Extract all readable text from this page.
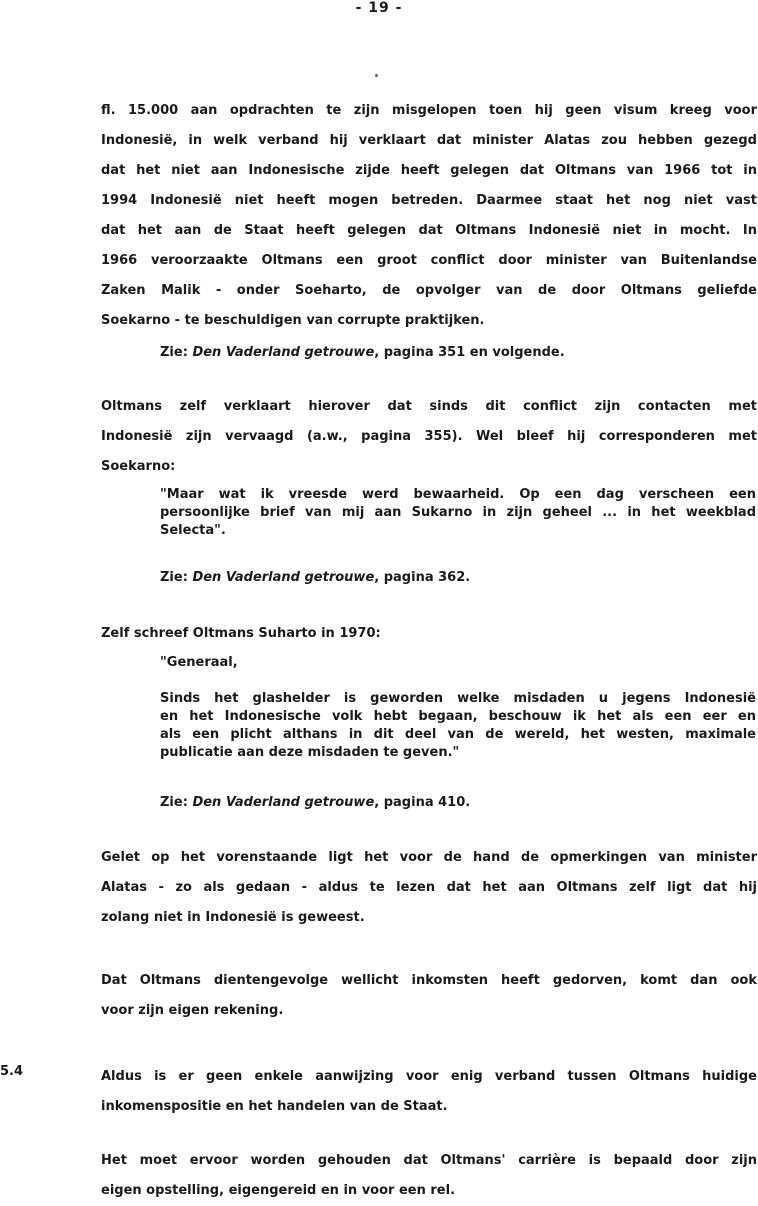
- 19 -
fl. 15.000 aan opdrachten te zijn misgelopen toen hij geen visum kreeg voor
Indonesië, in welk verband hij verklaart dat minister Alatas zou hebben gezegd
dat het niet aan Indonesische zijde heeft gelegen dat Oltmans van 1966 tot in
1994 Indonesië niet heeft mogen betreden. Daarmee staat het nog niet vast
dat het aan de Staat heeft gelegen dat Oltmans Indonesië niet in mocht. In
1966 veroorzaakte Oltmans een groot conflict door minister van Buitenlandse
Zaken Malik - onder Soeharto, de opvolger van de door Oltmans geliefde
Soekarno - te beschuldigen van corrupte praktijken.
Zie: Den Vaderland getrouwe, pagina 351 en volgende.
Oltmans zelf verklaart hierover dat sinds dit conflict zijn contacten met
Indonesië zijn vervaagd (a.w., pagina 355). Wel bleef hij corresponderen met
Soekarno:
"Maar wat ik vreesde werd bewaarheid. Op een dag verscheen een
persoonlijke brief van mij aan Sukarno in zijn geheel ... in het weekblad
Selecta".
Zie: Den Vaderland getrouwe, pagina 362.
Zelf schreef Oltmans Suharto in 1970:
"Generaal,
Sinds het glashelder is geworden welke misdaden u jegens Indonesië
en het Indonesische volk hebt begaan, beschouw ik het als een eer en
als een plicht althans in dit deel van de wereld, het westen, maximale
publicatie aan deze misdaden te geven."
Zie: Den Vaderland getrouwe, pagina 410.
Gelet op het vorenstaande ligt het voor de hand de opmerkingen van minister
Alatas - zo als gedaan - aldus te lezen dat het aan Oltmans zelf ligt dat hij
zolang niet in Indonesië is geweest.
Dat Oltmans dientengevolge wellicht inkomsten heeft gedorven, komt dan ook
voor zijn eigen rekening.
5.4	Aldus is er geen enkele aanwijzing voor enig verband tussen Oltmans huidige
inkomenspositie en het handelen van de Staat.
Het moet ervoor worden gehouden dat Oltmans' carrière is bepaald door zijn
eigen opstelling, eigengereid en in voor een rel.
